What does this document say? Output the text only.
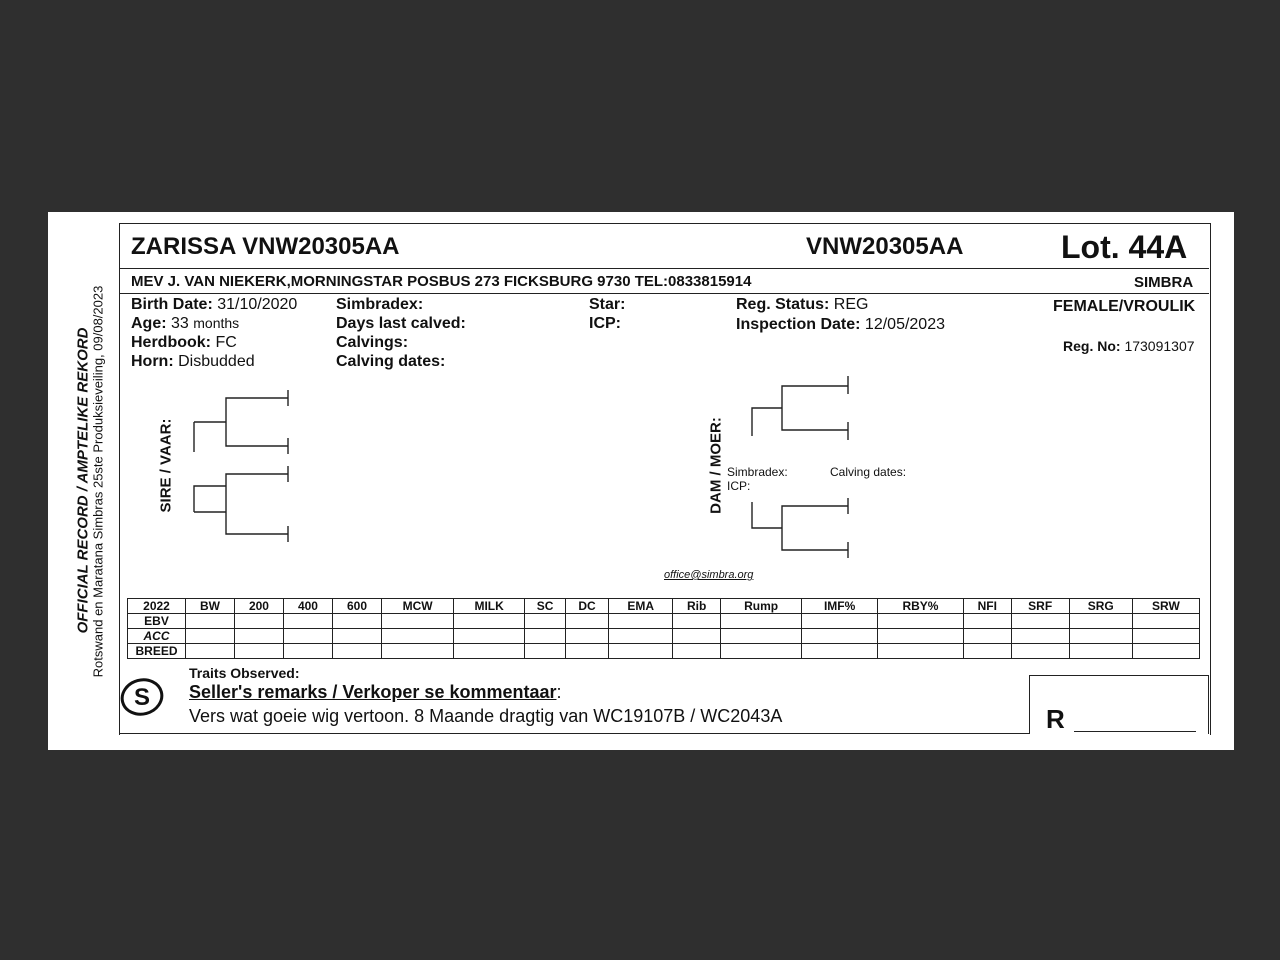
OFFICIAL RECORD / AMPTELIKE REKORD Rotswand en Maratana Simbras 25ste Produksieveiling, 09/08/2023
ZARISSA VNW20305AA	VNW20305AA	Lot. 44A
MEV J. VAN NIEKERK,MORNINGSTAR POSBUS 273 FICKSBURG 9730 TEL:0833815914	SIMBRA
Birth Date: 31/10/2020
Age: 33 months
Herdbook: FC
Horn: Disbudded
Simbradex:
Days last calved:
Calvings:
Calving dates:
Star:
ICP:
Reg. Status: REG
Inspection Date: 12/05/2023
FEMALE/VROULIK
Reg. No: 173091307
SIRE / VAAR:	DAM / MOER: Simbradex:
ICP:
Calving dates:
office@simbra.org
2022	BW	200	400	600	MCW	MILK	SC	DC	EMA	Rib	Rump	IMF%	RBY%	NFI	SRF	SRG	SRW
EBV																	
ACC																	
BREED																	
S
Traits Observed:
Seller's remarks / Verkoper se kommentaar:
Vers wat goeie wig vertoon. 8 Maande dragtig van WC19107B / WC2043A	R
